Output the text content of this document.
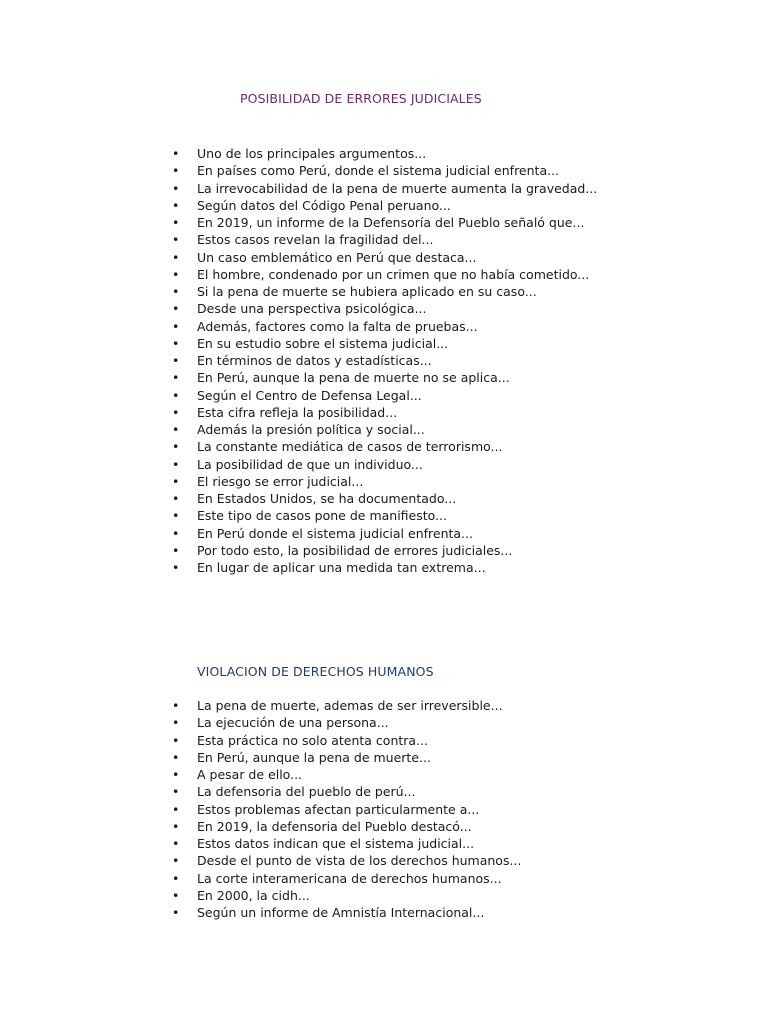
POSIBILIDAD DE ERRORES JUDICIALES
• Uno de los principales argumentos...
• En países como Perú, donde el sistema judicial enfrenta...
• La irrevocabilidad de la pena de muerte aumenta la gravedad...
• Según datos del Código Penal peruano...
• En 2019, un informe de la Defensoría del Pueblo señaló que...
• Estos casos revelan la fragilidad del...
• Un caso emblemático en Perú que destaca...
• El hombre, condenado por un crimen que no había cometido...
• Si la pena de muerte se hubiera aplicado en su caso...
• Desde una perspectiva psicológica...
• Además, factores como la falta de pruebas...
• En su estudio sobre el sistema judicial...
• En términos de datos y estadísticas...
• En Perú, aunque la pena de muerte no se aplica...
• Según el Centro de Defensa Legal...
• Esta cifra refleja la posibilidad...
• Además la presión política y social...
• La constante mediática de casos de terrorismo...
• La posibilidad de que un individuo...
• El riesgo se error judicial...
• En Estados Unidos, se ha documentado...
• Este tipo de casos pone de manifiesto...
• En Perú donde el sistema judicial enfrenta...
• Por todo esto, la posibilidad de errores judiciales...
• En lugar de aplicar una medida tan extrema...
VIOLACION DE DERECHOS HUMANOS
• La pena de muerte, ademas de ser irreversible...
• La ejecución de una persona...
• Esta práctica no solo atenta contra...
• En Perú, aunque la pena de muerte...
• A pesar de ello...
• La defensoria del pueblo de perú...
• Estos problemas afectan particularmente a...
• En 2019, la defensoria del Pueblo destacó...
• Estos datos indican que el sistema judicial...
• Desde el punto de vista de los derechos humanos...
• La corte interamericana de derechos humanos...
• En 2000, la cidh...
• Según un informe de Amnistía Internacional...
